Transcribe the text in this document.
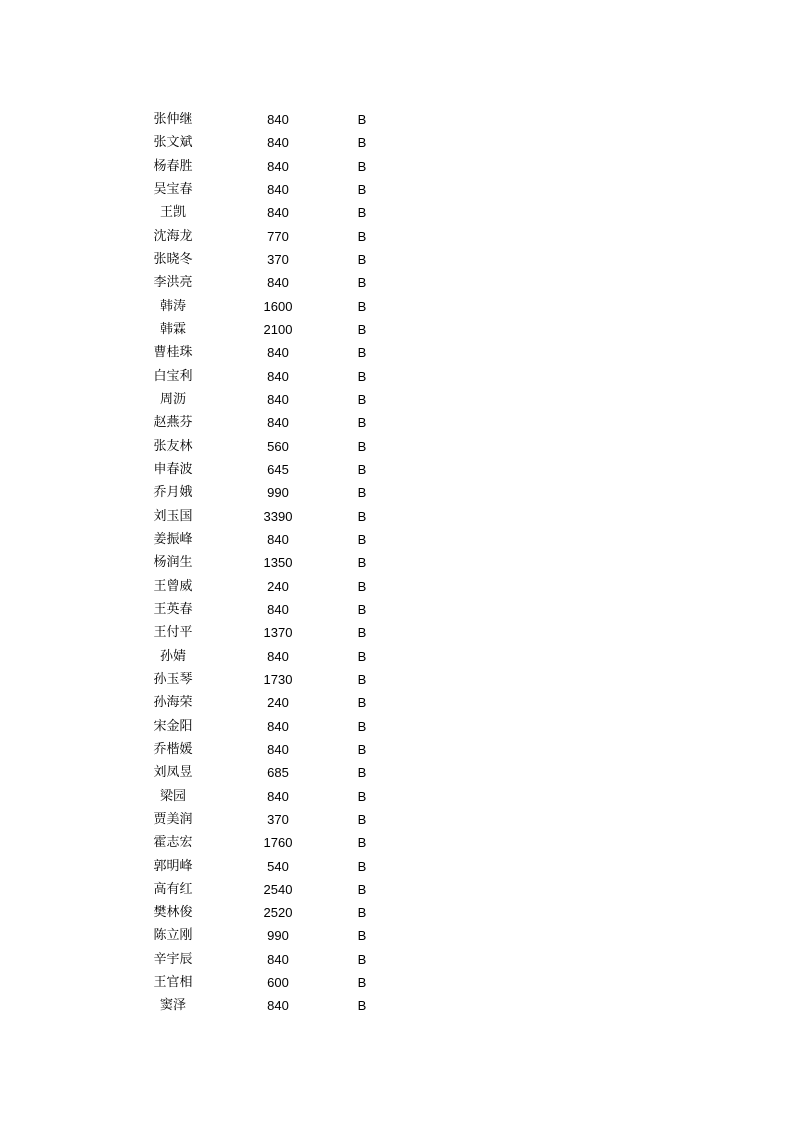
张仲继	840	B
张文斌	840	B
杨春胜	840	B
吴宝春	840	B
王凯	840	B
沈海龙	770	B
张晓冬	370	B
李洪亮	840	B
韩涛	1600	B
韩霖	2100	B
曹桂珠	840	B
白宝利	840	B
周沥	840	B
赵燕芬	840	B
张友林	560	B
申春波	645	B
乔月娥	990	B
刘玉国	3390	B
姜振峰	840	B
杨润生	1350	B
王曾威	240	B
王英春	840	B
王付平	1370	B
孙婧	840	B
孙玉琴	1730	B
孙海荣	240	B
宋金阳	840	B
乔楷媛	840	B
刘凤昱	685	B
梁园	840	B
贾美润	370	B
霍志宏	1760	B
郭明峰	540	B
高有红	2540	B
樊林俊	2520	B
陈立刚	990	B
辛宇辰	840	B
王官相	600	B
窦泽	840	B
